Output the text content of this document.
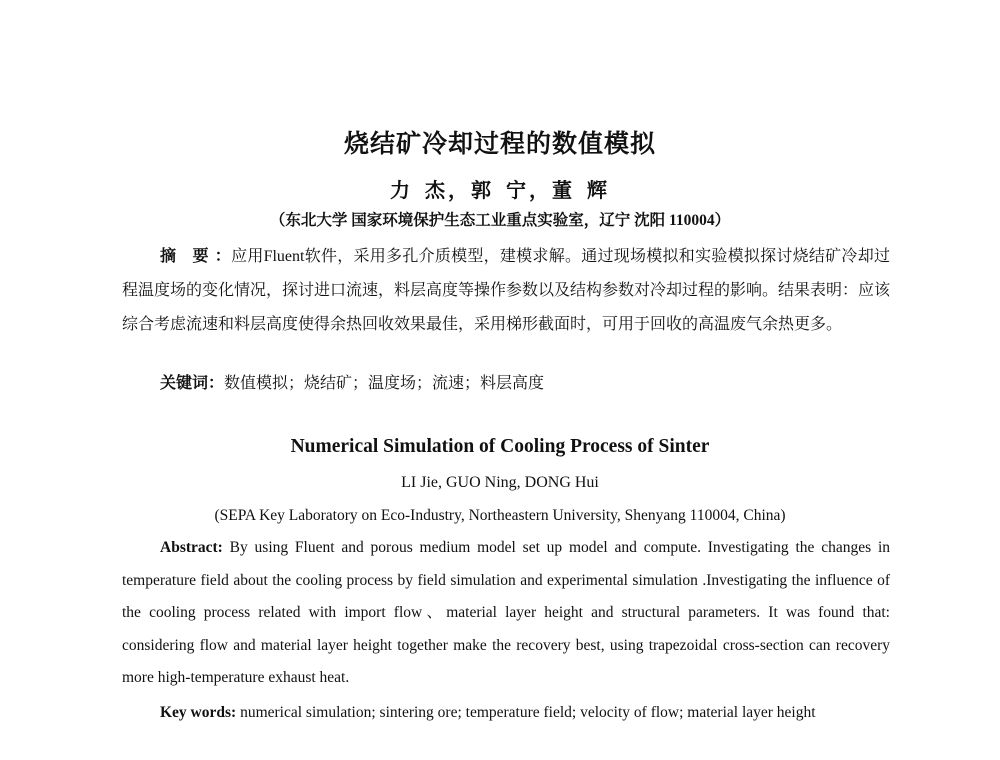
烧结矿冷却过程的数值模拟
力 杰，郭 宁，董 辉
（东北大学 国家环境保护生态工业重点实验室，辽宁 沈阳 110004）
摘 要：应用Fluent软件，采用多孔介质模型，建模求解。通过现场模拟和实验模拟探讨烧结矿冷却过程温度场的变化情况，探讨进口流速，料层高度等操作参数以及结构参数对冷却过程的影响。结果表明：应该综合考虑流速和料层高度使得余热回收效果最佳，采用梯形截面时，可用于回收的高温废气余热更多。
关键词：数值模拟；烧结矿；温度场；流速；料层高度
Numerical Simulation of Cooling Process of Sinter
LI Jie, GUO Ning, DONG Hui
(SEPA Key Laboratory on Eco-Industry, Northeastern University, Shenyang 110004, China)
Abstract: By using Fluent and porous medium model set up model and compute. Investigating the changes in temperature field about the cooling process by field simulation and experimental simulation .Investigating the influence of the cooling process related with import flow、material layer height and structural parameters. It was found that: considering flow and material layer height together make the recovery best, using trapezoidal cross-section can recovery more high-temperature exhaust heat.
Key words: numerical simulation; sintering ore; temperature field; velocity of flow; material layer height
